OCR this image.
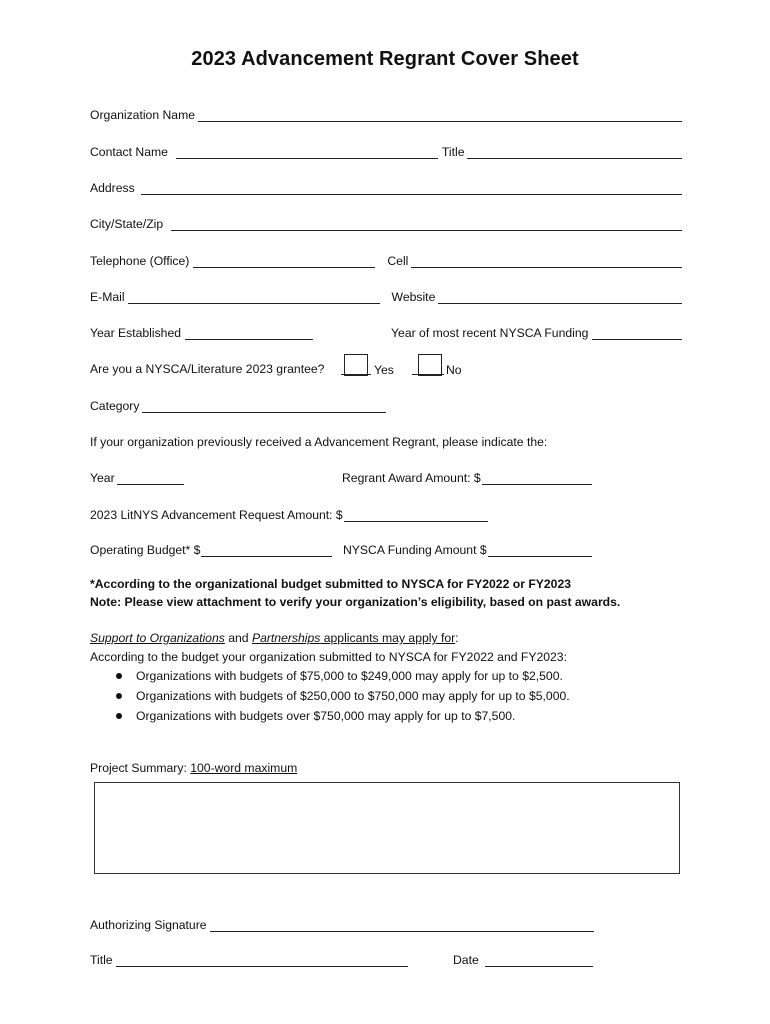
2023 Advancement Regrant Cover Sheet
Organization Name
Contact Name	Title
Address
City/State/Zip
Telephone (Office)	Cell
E-Mail	Website
Year Established	Year of most recent NYSCA Funding
Are you a NYSCA/Literature 2023 grantee?	Yes	No
Category
If your organization previously received a Advancement Regrant, please indicate the:
Year	Regrant Award Amount: $
2023 LitNYS Advancement Request Amount: $
Operating Budget* $	NYSCA Funding Amount $
*According to the organizational budget submitted to NYSCA for FY2022 or FY2023
Note: Please view attachment to verify your organization’s eligibility, based on past awards.
Support to Organizations and Partnerships applicants may apply for:
According to the budget your organization submitted to NYSCA for FY2022 and FY2023:
Organizations with budgets of $75,000 to $249,000 may apply for up to $2,500.
Organizations with budgets of $250,000 to $750,000 may apply for up to $5,000.
Organizations with budgets over $750,000 may apply for up to $7,500.
Project Summary: 100-word maximum
Authorizing Signature
Title	Date
